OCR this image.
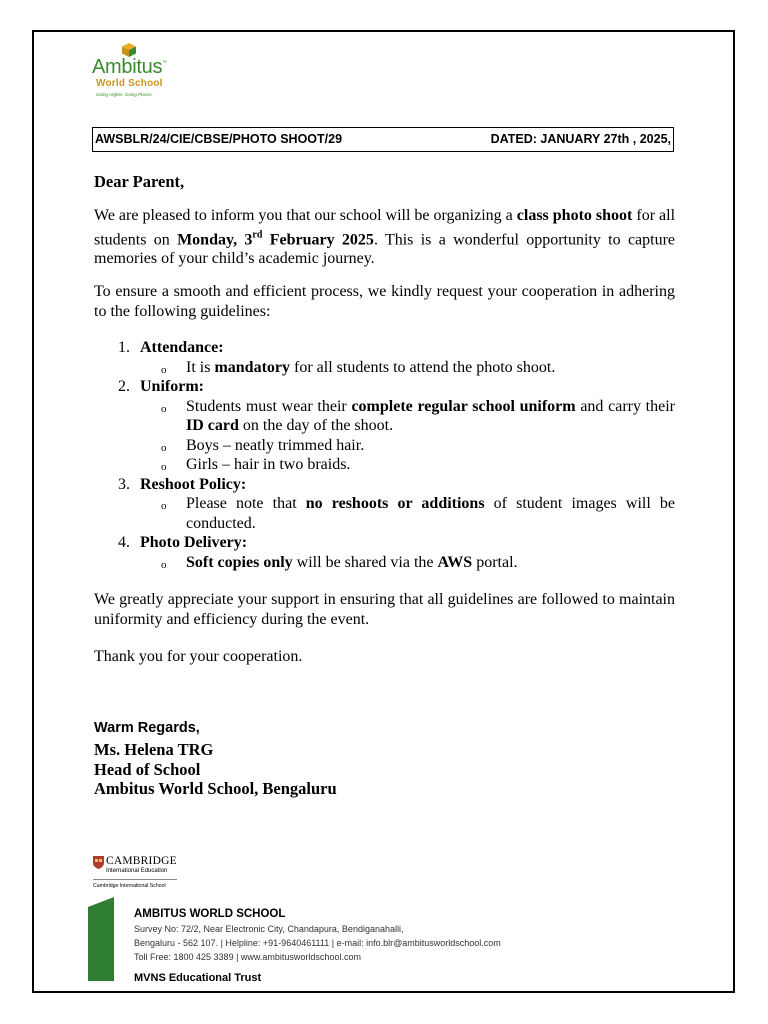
Ambitus™
World School
Going Higher. Going Places.
AWSBLR/24/CIE/CBSE/PHOTO SHOOT/29	DATED: JANUARY 27th , 2025,
Dear Parent,
We are pleased to inform you that our school will be organizing a class photo shoot for all students on Monday, 3rd February 2025. This is a wonderful opportunity to capture memories of your child’s academic journey.
To ensure a smooth and efficient process, we kindly request your cooperation in adhering to the following guidelines:
1. Attendance:
o It is mandatory for all students to attend the photo shoot.
2. Uniform:
o Students must wear their complete regular school uniform and carry their ID card on the day of the shoot.
o Boys – neatly trimmed hair.
o Girls – hair in two braids.
3. Reshoot Policy:
o Please note that no reshoots or additions of student images will be conducted.
4. Photo Delivery:
o Soft copies only will be shared via the AWS portal.
We greatly appreciate your support in ensuring that all guidelines are followed to maintain uniformity and efficiency during the event.
Thank you for your cooperation.
Warm Regards,
Ms. Helena TRG
Head of School
Ambitus World School, Bengaluru
CAMBRIDGE
International Education
Cambridge International School
AMBITUS WORLD SCHOOL
Survey No: 72/2, Near Electronic City, Chandapura, Bendiganahalli,
Bengaluru - 562 107. | Helpline: +91-9640461111 | e-mail: info.blr@ambitusworldschool.com
Toll Free: 1800 425 3389 | www.ambitusworldschool.com
MVNS Educational Trust
